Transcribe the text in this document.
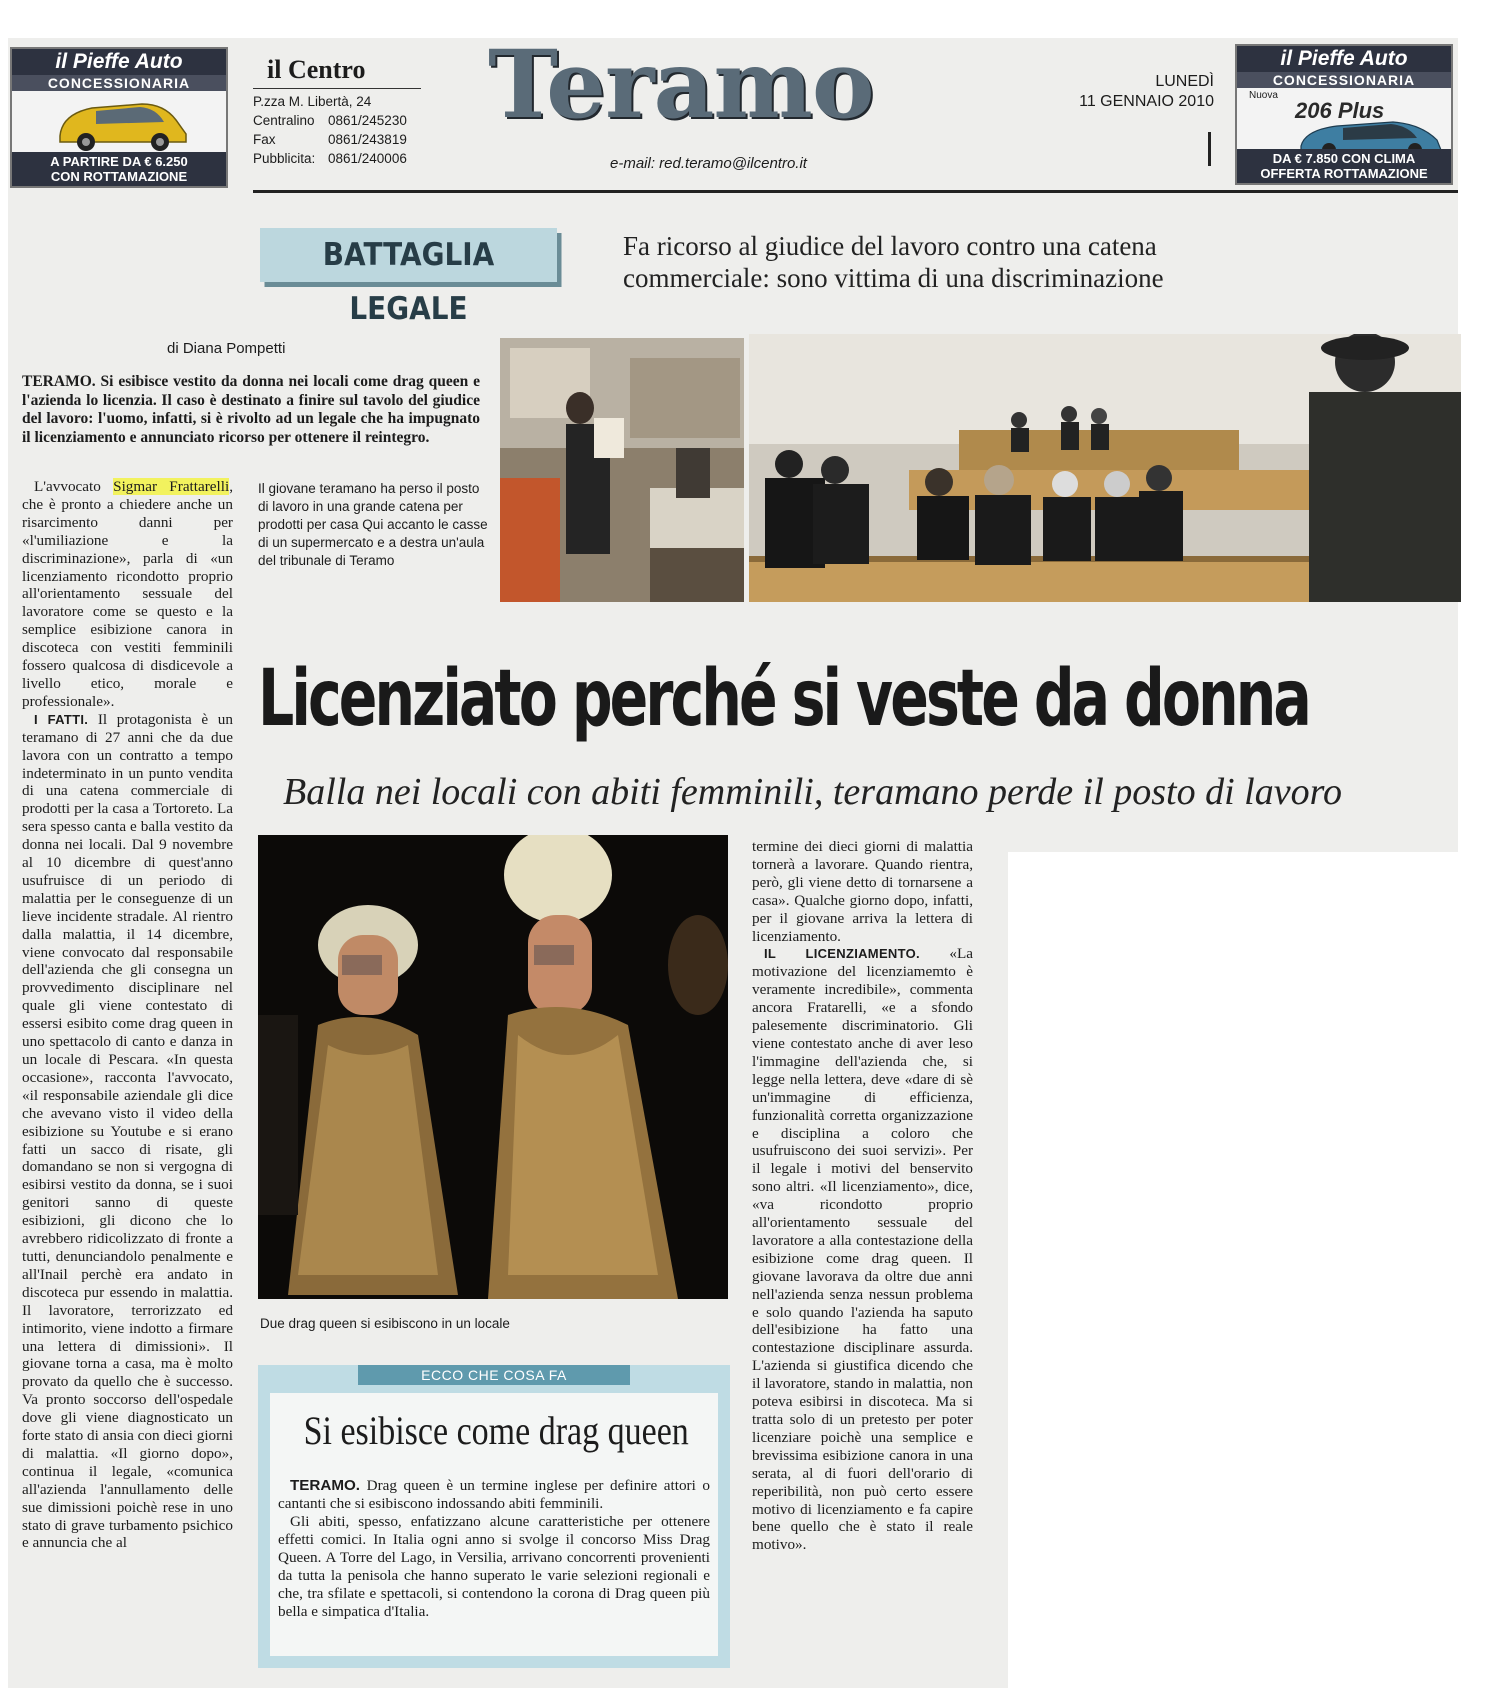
il Pieffe Auto
CONCESSIONARIA
A PARTIRE DA € 6.250
CON ROTTAMAZIONE
il Pieffe Auto
CONCESSIONARIA
Nuova
206 Plus
DA € 7.850 CON CLIMA
OFFERTA ROTTAMAZIONE
il Centro
P.zza M. Libertà, 24
Centralino 0861/245230
Fax	0861/243819
Pubblicita: 0861/240006
Teramo	LUNEDÌ
11 GENNAIO 2010
e-mail: red.teramo@ilcentro.it
BATTAGLIA LEGALE
Fa ricorso al giudice del lavoro contro una catena
commerciale: sono vittima di una discriminazione
di Diana Pompetti
TERAMO. Si esibisce vestito da donna nei locali come drag queen e l'azienda lo licenzia. Il caso è destinato a finire sul tavolo del giudice del lavoro: l'uomo, infatti, si è rivolto ad un legale che ha impugnato il licenziamento e annunciato ricorso per ottenere il reintegro.
Il giovane teramano ha perso il posto di lavoro in una grande catena per prodotti per casa Qui accanto le casse di un supermercato e a destra un'aula del tribunale di Teramo
Licenziato perché si veste da donna
Balla nei locali con abiti femminili, teramano perde il posto di lavoro

L'avvocato Sigmar Frattarelli, che è pronto a chiedere anche un risarcimento danni per «l'umiliazione e la discriminazione», parla di «un licenziamento ricondotto proprio all'orientamento sessuale del lavoratore come se questo e la semplice esibizione canora in discoteca con vestiti femminili fossero qualcosa di disdicevole a livello etico, morale e professionale».

I FATTI. Il protagonista è un teramano di 27 anni che da due lavora con un contratto a tempo indeterminato in un punto vendita di una catena commerciale di prodotti per la casa a Tortoreto. La sera spesso canta e balla vestito da donna nei locali. Dal 9 novembre al 10 dicembre di quest'anno usufruisce di un periodo di malattia per le conseguenze di un lieve incidente stradale. Al rientro dalla malattia, il 14 dicembre, viene convocato dal responsabile dell'azienda che gli consegna un provvedimento disciplinare nel quale gli viene contestato di essersi esibito come drag queen in uno spettacolo di canto e danza in un locale di Pescara. «In questa occasione», racconta l'avvocato, «il responsabile aziendale gli dice che avevano visto il video della esibizione su Youtube e si erano fatti un sacco di risate, gli domandano se non si vergogna di esibirsi vestito da donna, se i suoi genitori sanno di queste esibizioni, gli dicono che lo avrebbero ridicolizzato di fronte a tutti, denunciandolo penalmente e all'Inail perchè era andato in discoteca pur essendo in malattia. Il lavoratore, terrorizzato ed intimorito, viene indotto a firmare una lettera di dimissioni». Il giovane torna a casa, ma è molto provato da quello che è successo. Va pronto soccorso dell'ospedale dove gli viene diagnosticato un forte stato di ansia con dieci giorni di malattia. «Il giorno dopo», continua il legale, «comunica all'azienda l'annullamento delle sue dimissioni poichè rese in uno stato di grave turbamento psichico e annuncia che al

Due drag queen si esibiscono in un locale

termine dei dieci giorni di malattia tornerà a lavorare. Quando rientra, però, gli viene detto di tornarsene a casa». Qualche giorno dopo, infatti, per il giovane arriva la lettera di licenziamento.

IL LICENZIAMENTO. «La motivazione del licenziamemto è veramente incredibile», commenta ancora Fratarelli, «e a sfondo palesemente discriminatorio. Gli viene contestato anche di aver leso l'immagine dell'azienda che, si legge nella lettera, deve «dare di sè un'immagine di efficienza, funzionalità corretta organizzazione e disciplina a coloro che usufruiscono dei suoi servizi». Per il legale i motivi del benservito sono altri. «Il licenziamento», dice, «va ricondotto proprio all'orientamento sessuale del lavoratore a alla contestazione della esibizione come drag queen. Il giovane lavorava da oltre due anni nell'azienda senza nessun problema e solo quando l'azienda ha saputo dell'esibizione ha fatto una contestazione disciplinare assurda. L'azienda si giustifica dicendo che il lavoratore, stando in malattia, non poteva esibirsi in discoteca. Ma si tratta solo di un pretesto per poter licenziare poichè una semplice e brevissima esibizione canora in una serata, al di fuori dell'orario di reperibilità, non può certo essere motivo di licenziamento e fa capire bene quello che è stato il reale motivo».

ECCO CHE COSA FA
Si esibisce come drag queen

TERAMO. Drag queen è un termine inglese per definire attori o cantanti che si esibiscono indossando abiti femminili.

Gli abiti, spesso, enfatizzano alcune caratteristiche per ottenere effetti comici. In Italia ogni anno si svolge il concorso Miss Drag Queen. A Torre del Lago, in Versilia, arrivano concorrenti provenienti da tutta la penisola che hanno superato le varie selezioni regionali e che, tra sfilate e spettacoli, si contendono la corona di Drag queen più bella e simpatica d'Italia.
